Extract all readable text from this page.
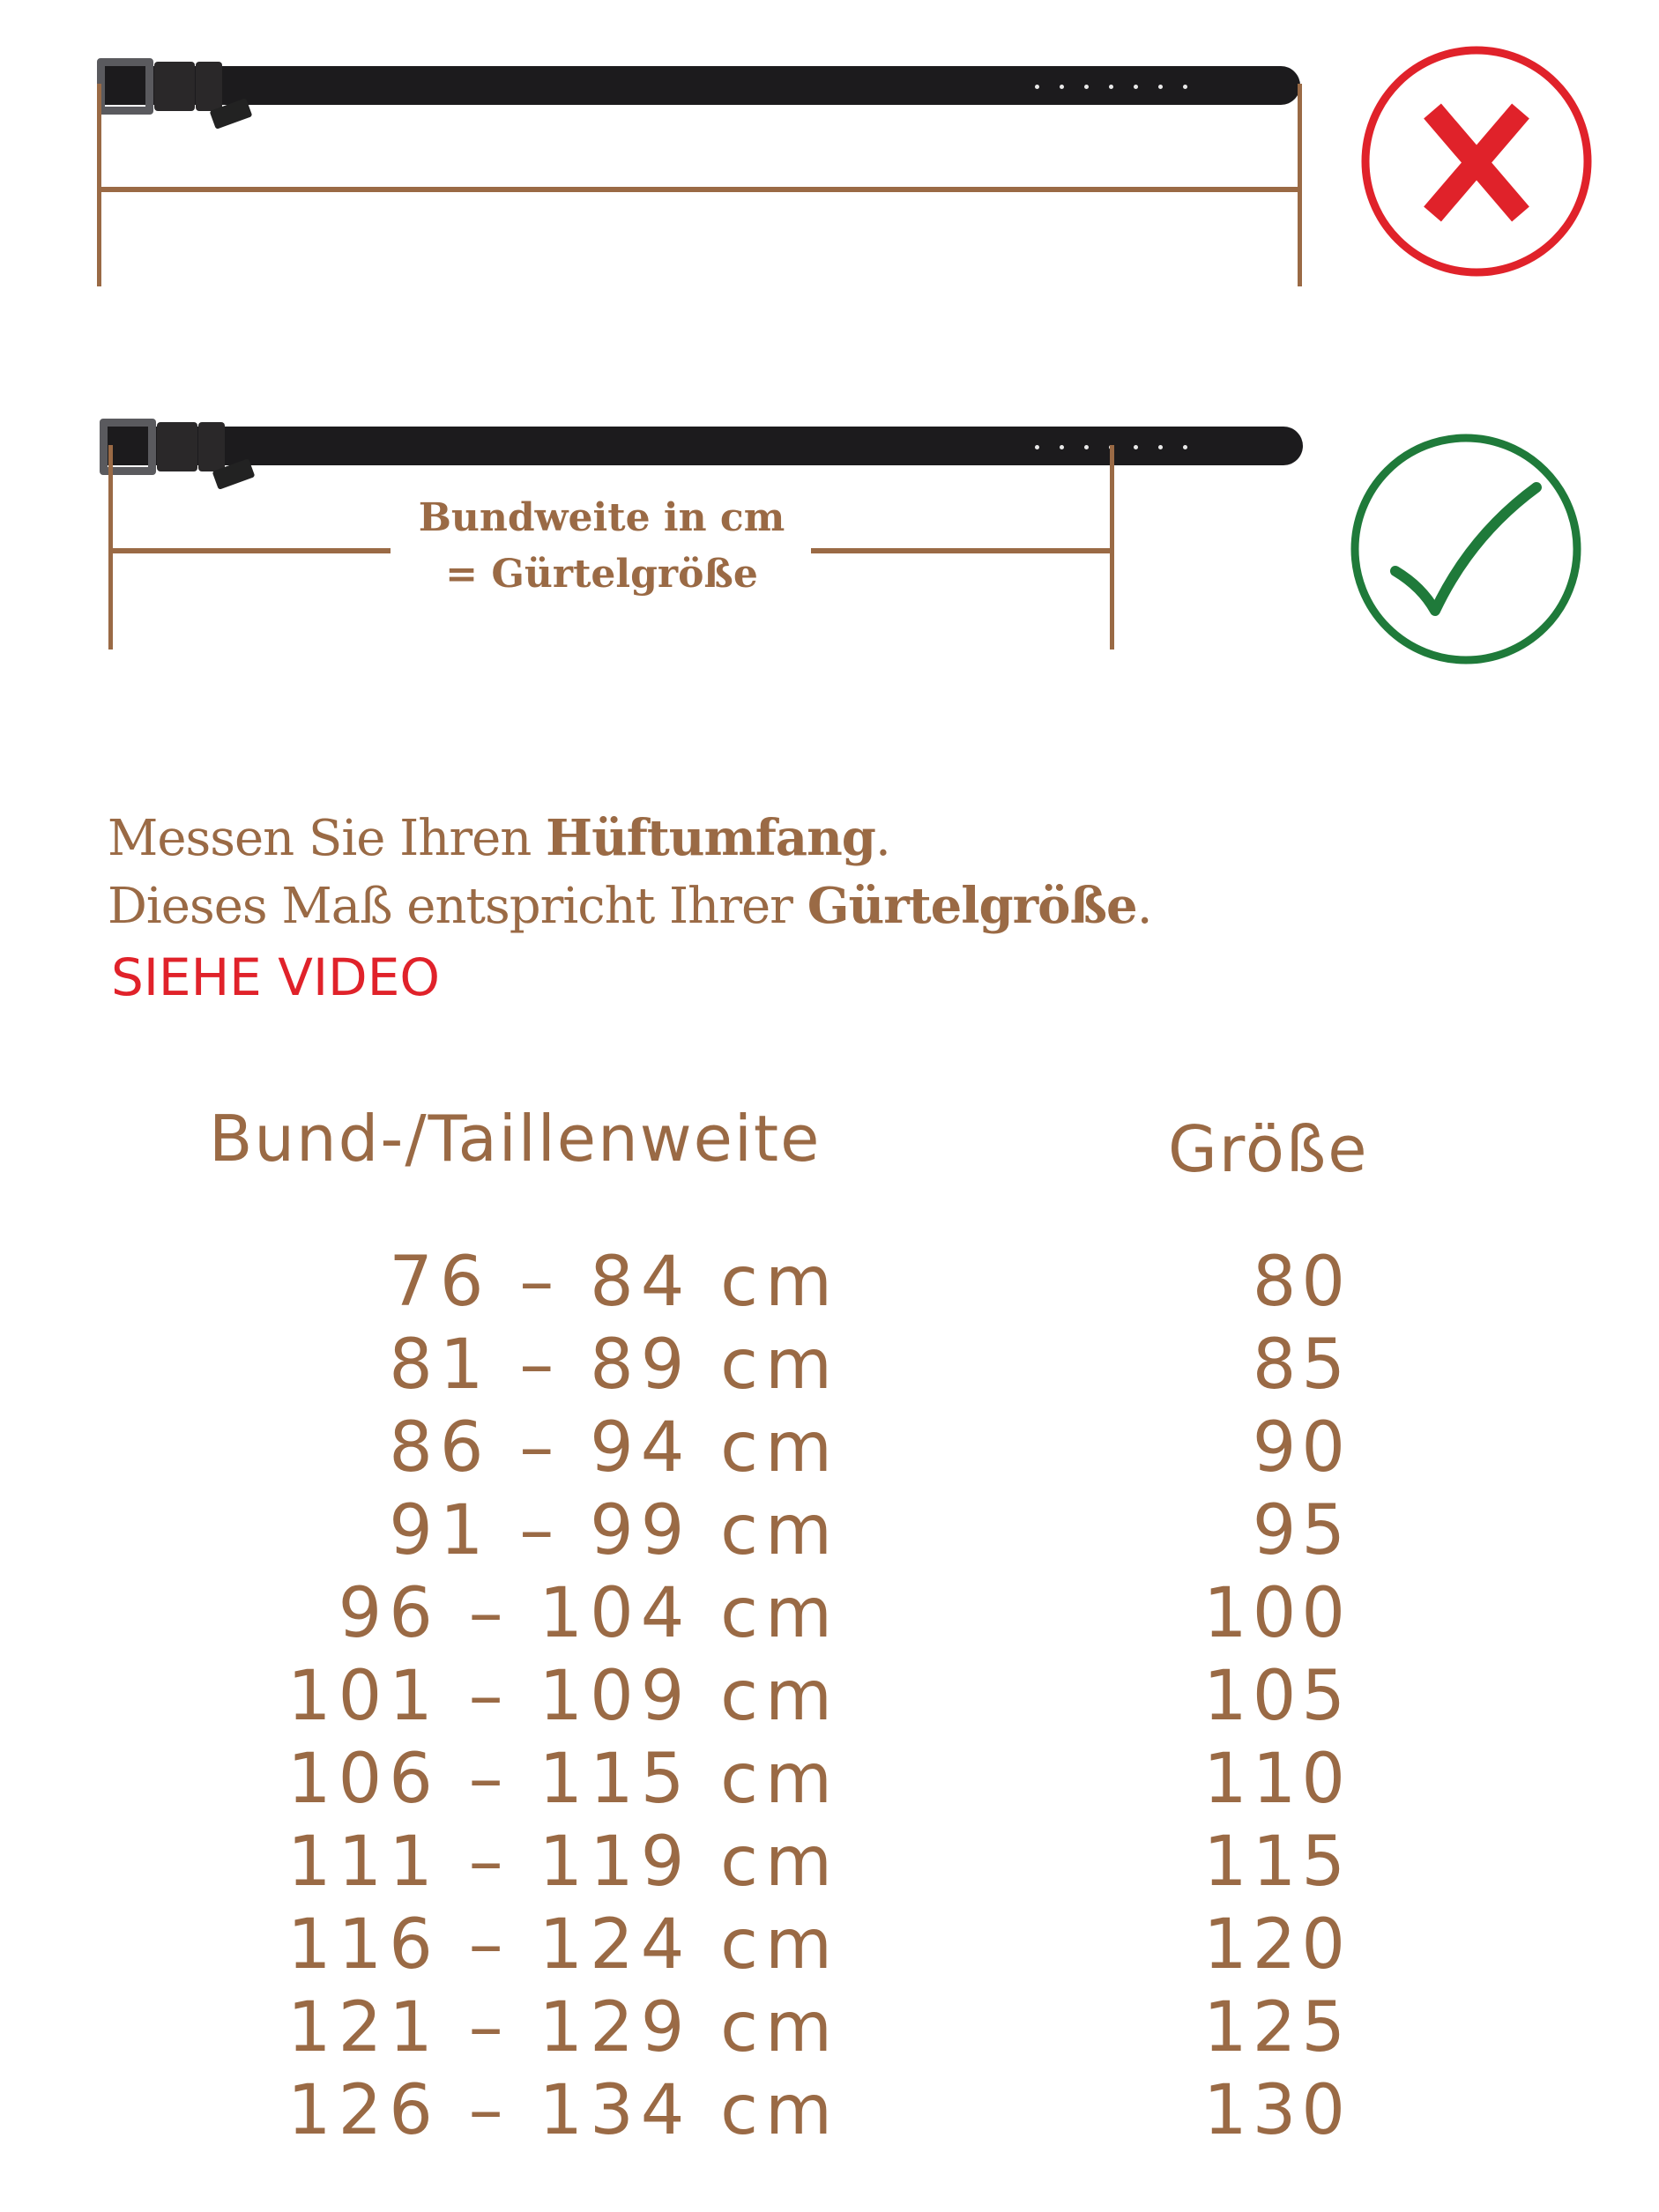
Bundweite in cm
= Gürtelgröße
Messen Sie Ihren Hüftumfang.
Dieses Maß entspricht Ihrer Gürtelgröße.
SIEHE VIDEO
Bund-/Taillenweite	Größe
76 – 84 cm	80
81 – 89 cm	85
86 – 94 cm	90
91 – 99 cm	95
96 – 104 cm	100
101 – 109 cm	105
106 – 115 cm	110
111 – 119 cm	115
116 – 124 cm	120
121 – 129 cm	125
126 – 134 cm	130
